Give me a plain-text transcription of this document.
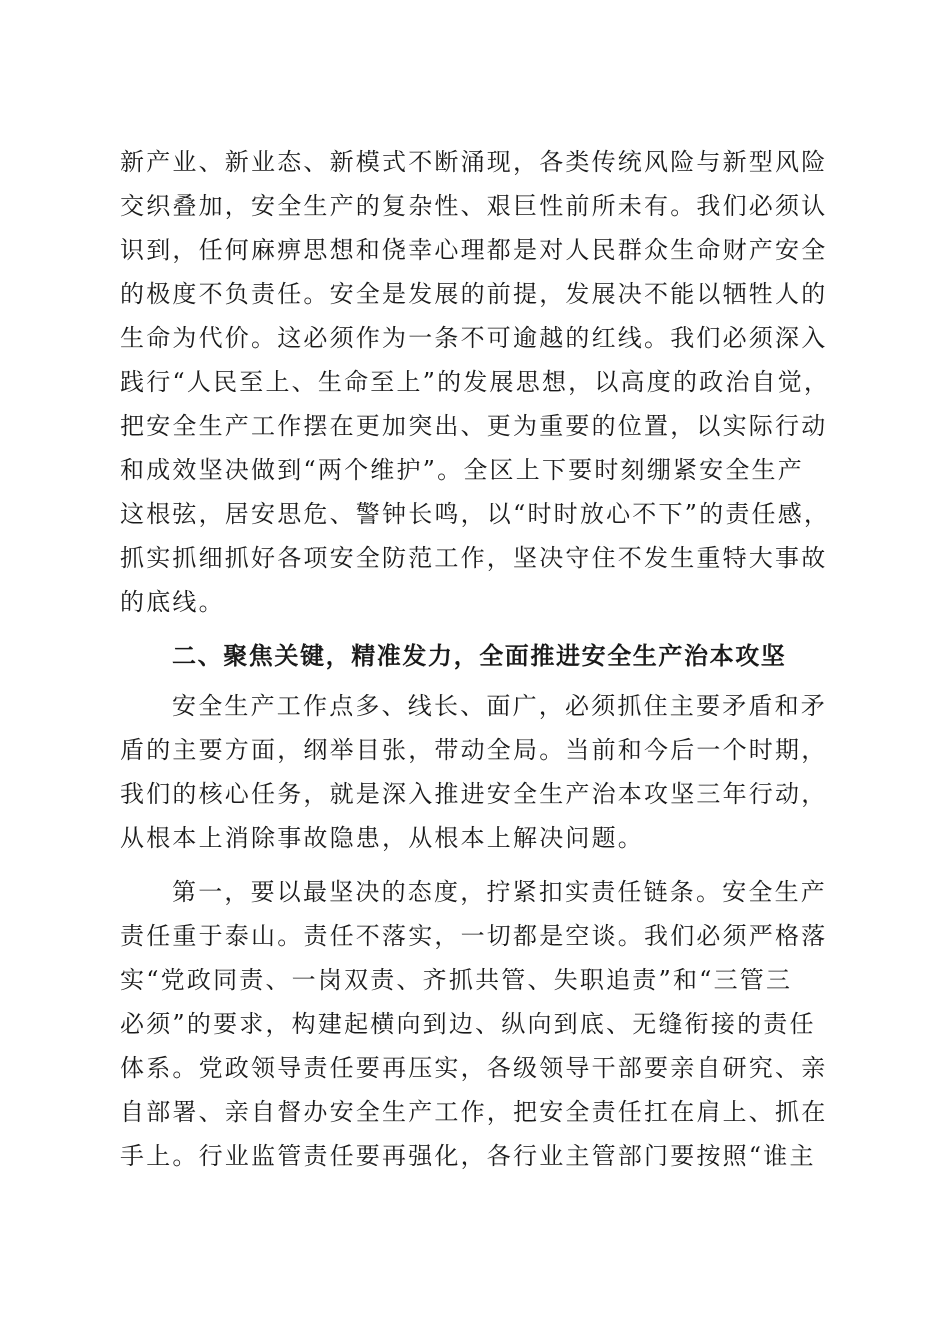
新产业、新业态、新模式不断涌现，各类传统风险与新型风险
交织叠加，安全生产的复杂性、艰巨性前所未有。我们必须认
识到，任何麻痹思想和侥幸心理都是对人民群众生命财产安全
的极度不负责任。安全是发展的前提，发展决不能以牺牲人的
生命为代价。这必须作为一条不可逾越的红线。我们必须深入
践行“人民至上、生命至上”的发展思想，以高度的政治自觉，
把安全生产工作摆在更加突出、更为重要的位置，以实际行动
和成效坚决做到“两个维护”。全区上下要时刻绷紧安全生产
这根弦，居安思危、警钟长鸣，以“时时放心不下”的责任感，
抓实抓细抓好各项安全防范工作，坚决守住不发生重特大事故
的底线。
二、聚焦关键，精准发力，全面推进安全生产治本攻坚
安全生产工作点多、线长、面广，必须抓住主要矛盾和矛
盾的主要方面，纲举目张，带动全局。当前和今后一个时期，
我们的核心任务，就是深入推进安全生产治本攻坚三年行动，
从根本上消除事故隐患，从根本上解决问题。
第一，要以最坚决的态度，拧紧扣实责任链条。安全生产
责任重于泰山。责任不落实，一切都是空谈。我们必须严格落
实“党政同责、一岗双责、齐抓共管、失职追责”和“三管三
必须”的要求，构建起横向到边、纵向到底、无缝衔接的责任
体系。党政领导责任要再压实，各级领导干部要亲自研究、亲
自部署、亲自督办安全生产工作，把安全责任扛在肩上、抓在
手上。行业监管责任要再强化，各行业主管部门要按照“谁主
